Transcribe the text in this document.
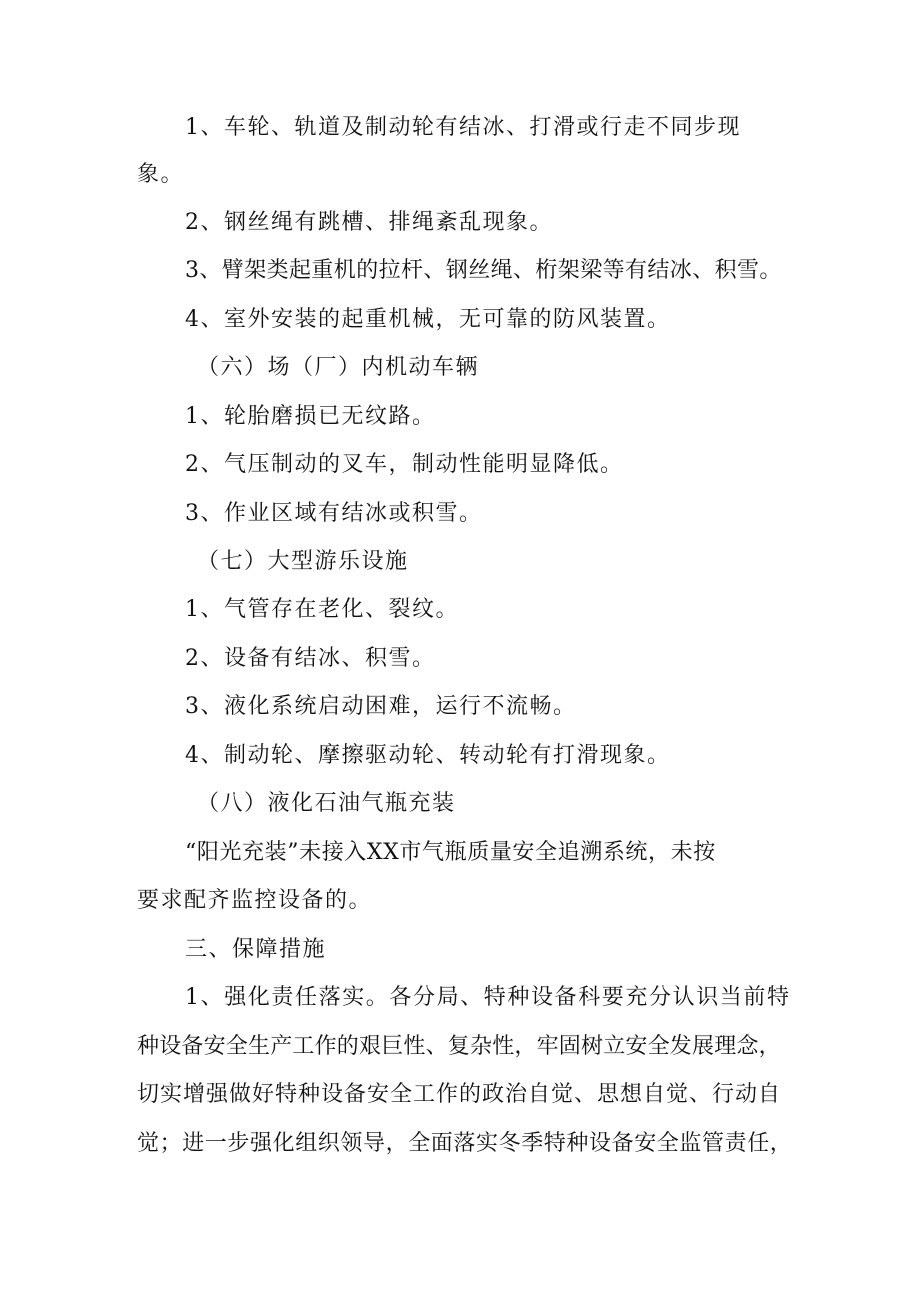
1、车轮、轨道及制动轮有结冰、打滑或行走不同步现
象。
2、钢丝绳有跳槽、排绳紊乱现象。
3、臂架类起重机的拉杆、钢丝绳、桁架梁等有结冰、积雪。
4、室外安装的起重机械，无可靠的防风装置。
（六）场（厂）内机动车辆
1、轮胎磨损已无纹路。
2、气压制动的叉车，制动性能明显降低。
3、作业区域有结冰或积雪。
（七）大型游乐设施
1、气管存在老化、裂纹。
2、设备有结冰、积雪。
3、液化系统启动困难，运行不流畅。
4、制动轮、摩擦驱动轮、转动轮有打滑现象。
（八）液化石油气瓶充装
“阳光充装”未接入XX市气瓶质量安全追溯系统，未按
要求配齐监控设备的。
三、保障措施
1、强化责任落实。各分局、特种设备科要充分认识当前特
种设备安全生产工作的艰巨性、复杂性，牢固树立安全发展理念，
切实增强做好特种设备安全工作的政治自觉、思想自觉、行动自
觉；进一步强化组织领导，全面落实冬季特种设备安全监管责任，
